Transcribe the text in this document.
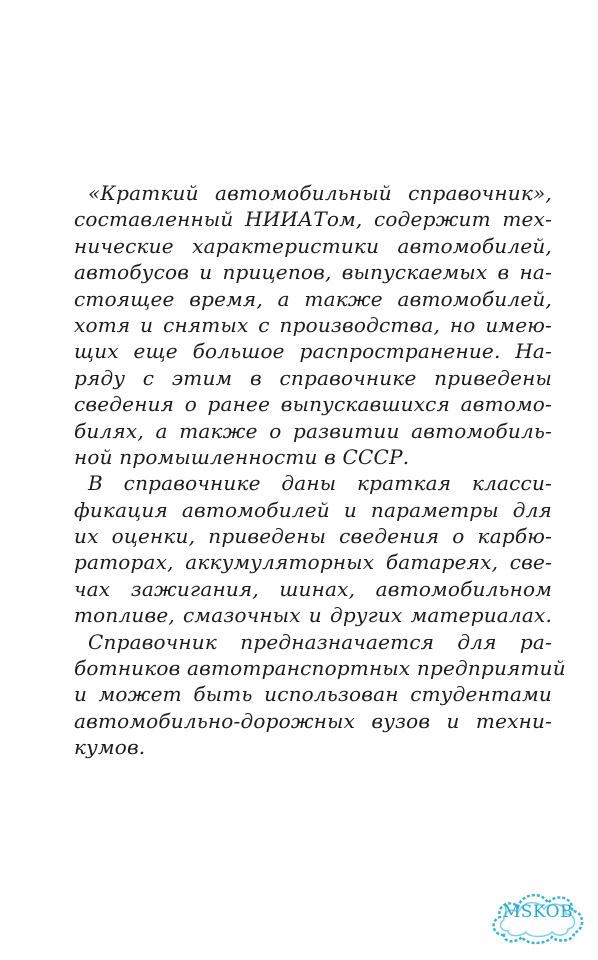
«Краткий автомобильный справочник»,
составленный НИИАТом, содержит тех-
нические характеристики автомобилей,
автобусов и прицепов, выпускаемых в на-
стоящее время, а также автомобилей,
хотя и снятых с производства, но имею-
щих еще большое распространение. На-
ряду с этим в справочнике приведены
сведения о ранее выпускавшихся автомо-
билях, а также о развитии автомобиль-
ной промышленности в СССР.
В справочнике даны краткая класси-
фикация автомобилей и параметры для
их оценки, приведены сведения о карбю-
раторах, аккумуляторных батареях, све-
чах зажигания, шинах, автомобильном
топливе, смазочных и других материалах.
Справочник предназначается для ра-
ботников автотранспортных предприятий
и может быть использован студентами
автомобильно-дорожных вузов и техни-
кумов.
MSKOB
